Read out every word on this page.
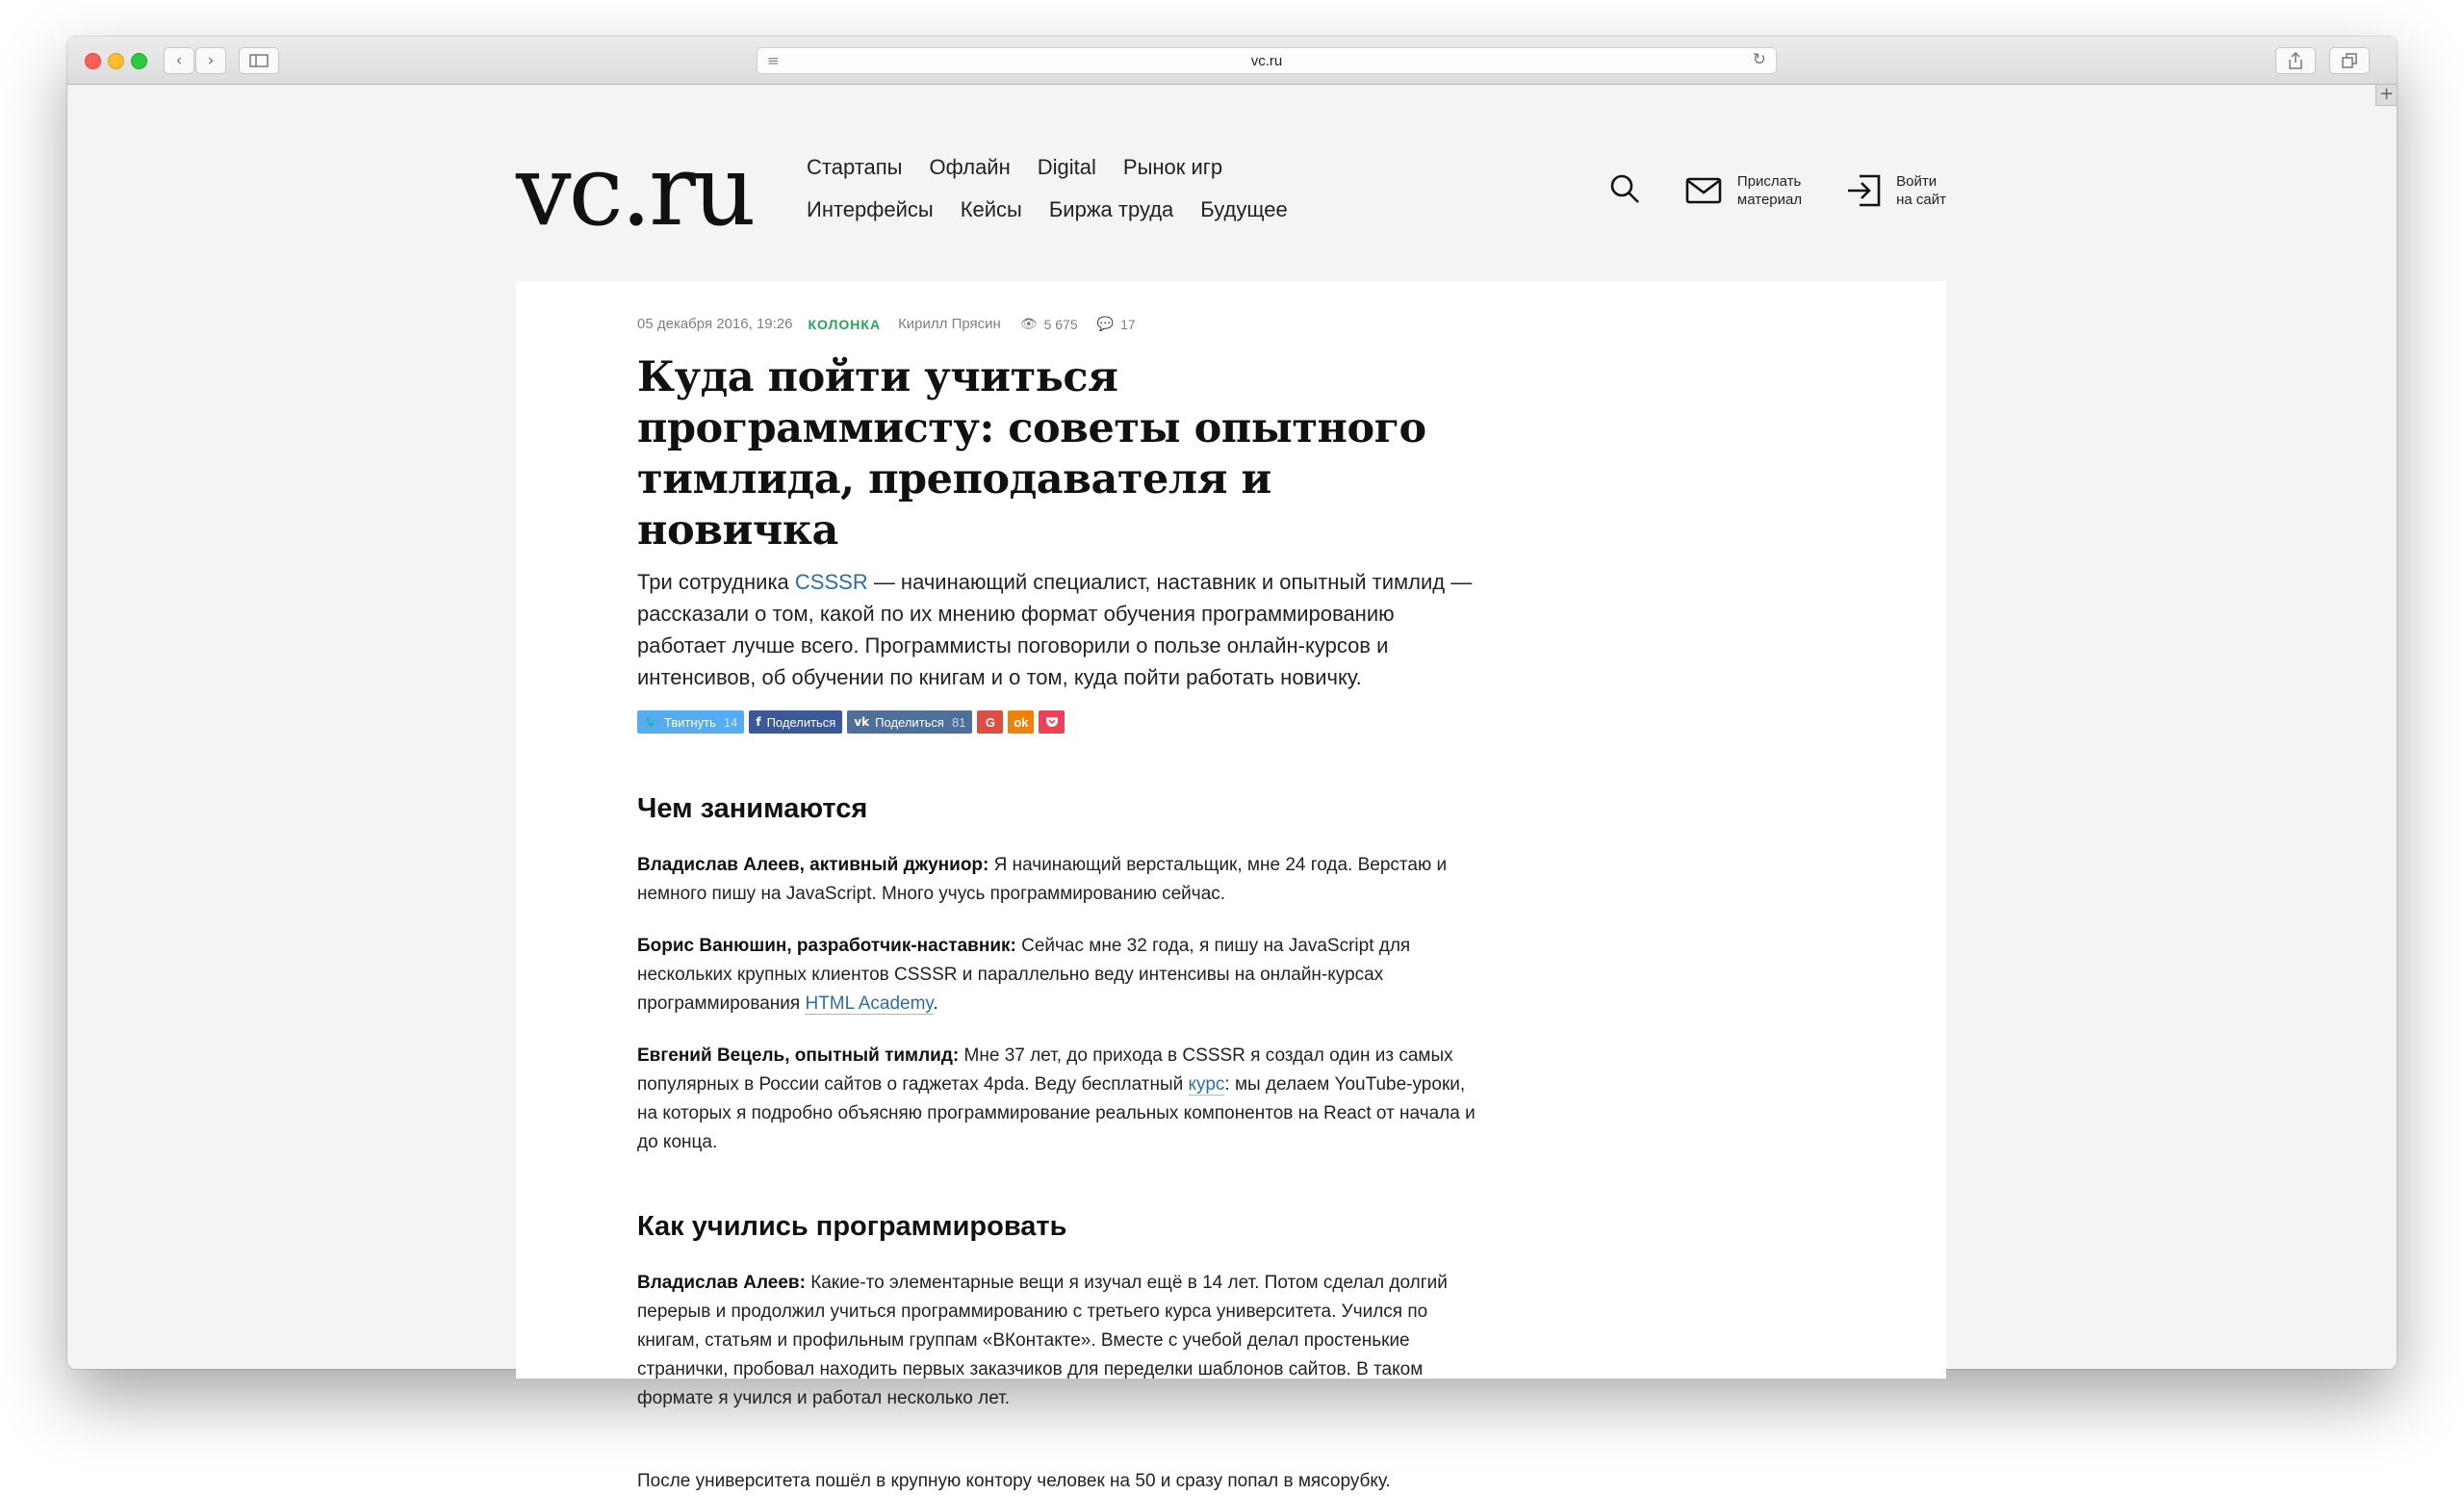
‹ ›	≡	vc.ru	↻
+
vc.ru	Стартапы Офлайн Digital Рынок игр
Интерфейсы Кейсы Биржа труда Будущее
Прислать
материал
Войти
на сайт
05 декабря 2016, 19:26 КОЛОНКА Кирилл Прясин 👁 5 675 💬 17
Куда пойти учиться программисту: советы опытного тимлида, преподавателя и новичка

Три сотрудника CSSSR — начинающий специалист, наставник и опытный тимлид — рассказали о том, какой по их мнению формат обучения программированию работает лучше всего. Программисты поговорили о пользе онлайн-курсов и интенсивов, об обучении по книгам и о том, куда пойти работать новичку.

🐦 Твитнуть 14 f Поделиться vk Поделиться 81 G ok
Чем занимаются

Владислав Алеев, активный джуниор: Я начинающий верстальщик, мне 24 года. Верстаю и немного пишу на JavaScript. Много учусь программированию сейчас.

Борис Ванюшин, разработчик-наставник: Сейчас мне 32 года, я пишу на JavaScript для нескольких крупных клиентов CSSSR и параллельно веду интенсивы на онлайн-курсах программирования HTML Academy.

Евгений Вецель, опытный тимлид: Мне 37 лет, до прихода в CSSSR я создал один из самых популярных в России сайтов о гаджетах 4pda. Веду бесплатный курс: мы делаем YouTube-уроки, на которых я подробно объясняю программирование реальных компонентов на React от начала и до конца.

Как учились программировать

Владислав Алеев: Какие-то элементарные вещи я изучал ещё в 14 лет. Потом сделал долгий перерыв и продолжил учиться программированию с третьего курса университета. Учился по книгам, статьям и профильным группам «ВКонтакте». Вместе с учебой делал простенькие странички, пробовал находить первых заказчиков для переделки шаблонов сайтов. В таком формате я учился и работал несколько лет.

После университета пошёл в крупную контору человек на 50 и сразу попал в мясорубку.
